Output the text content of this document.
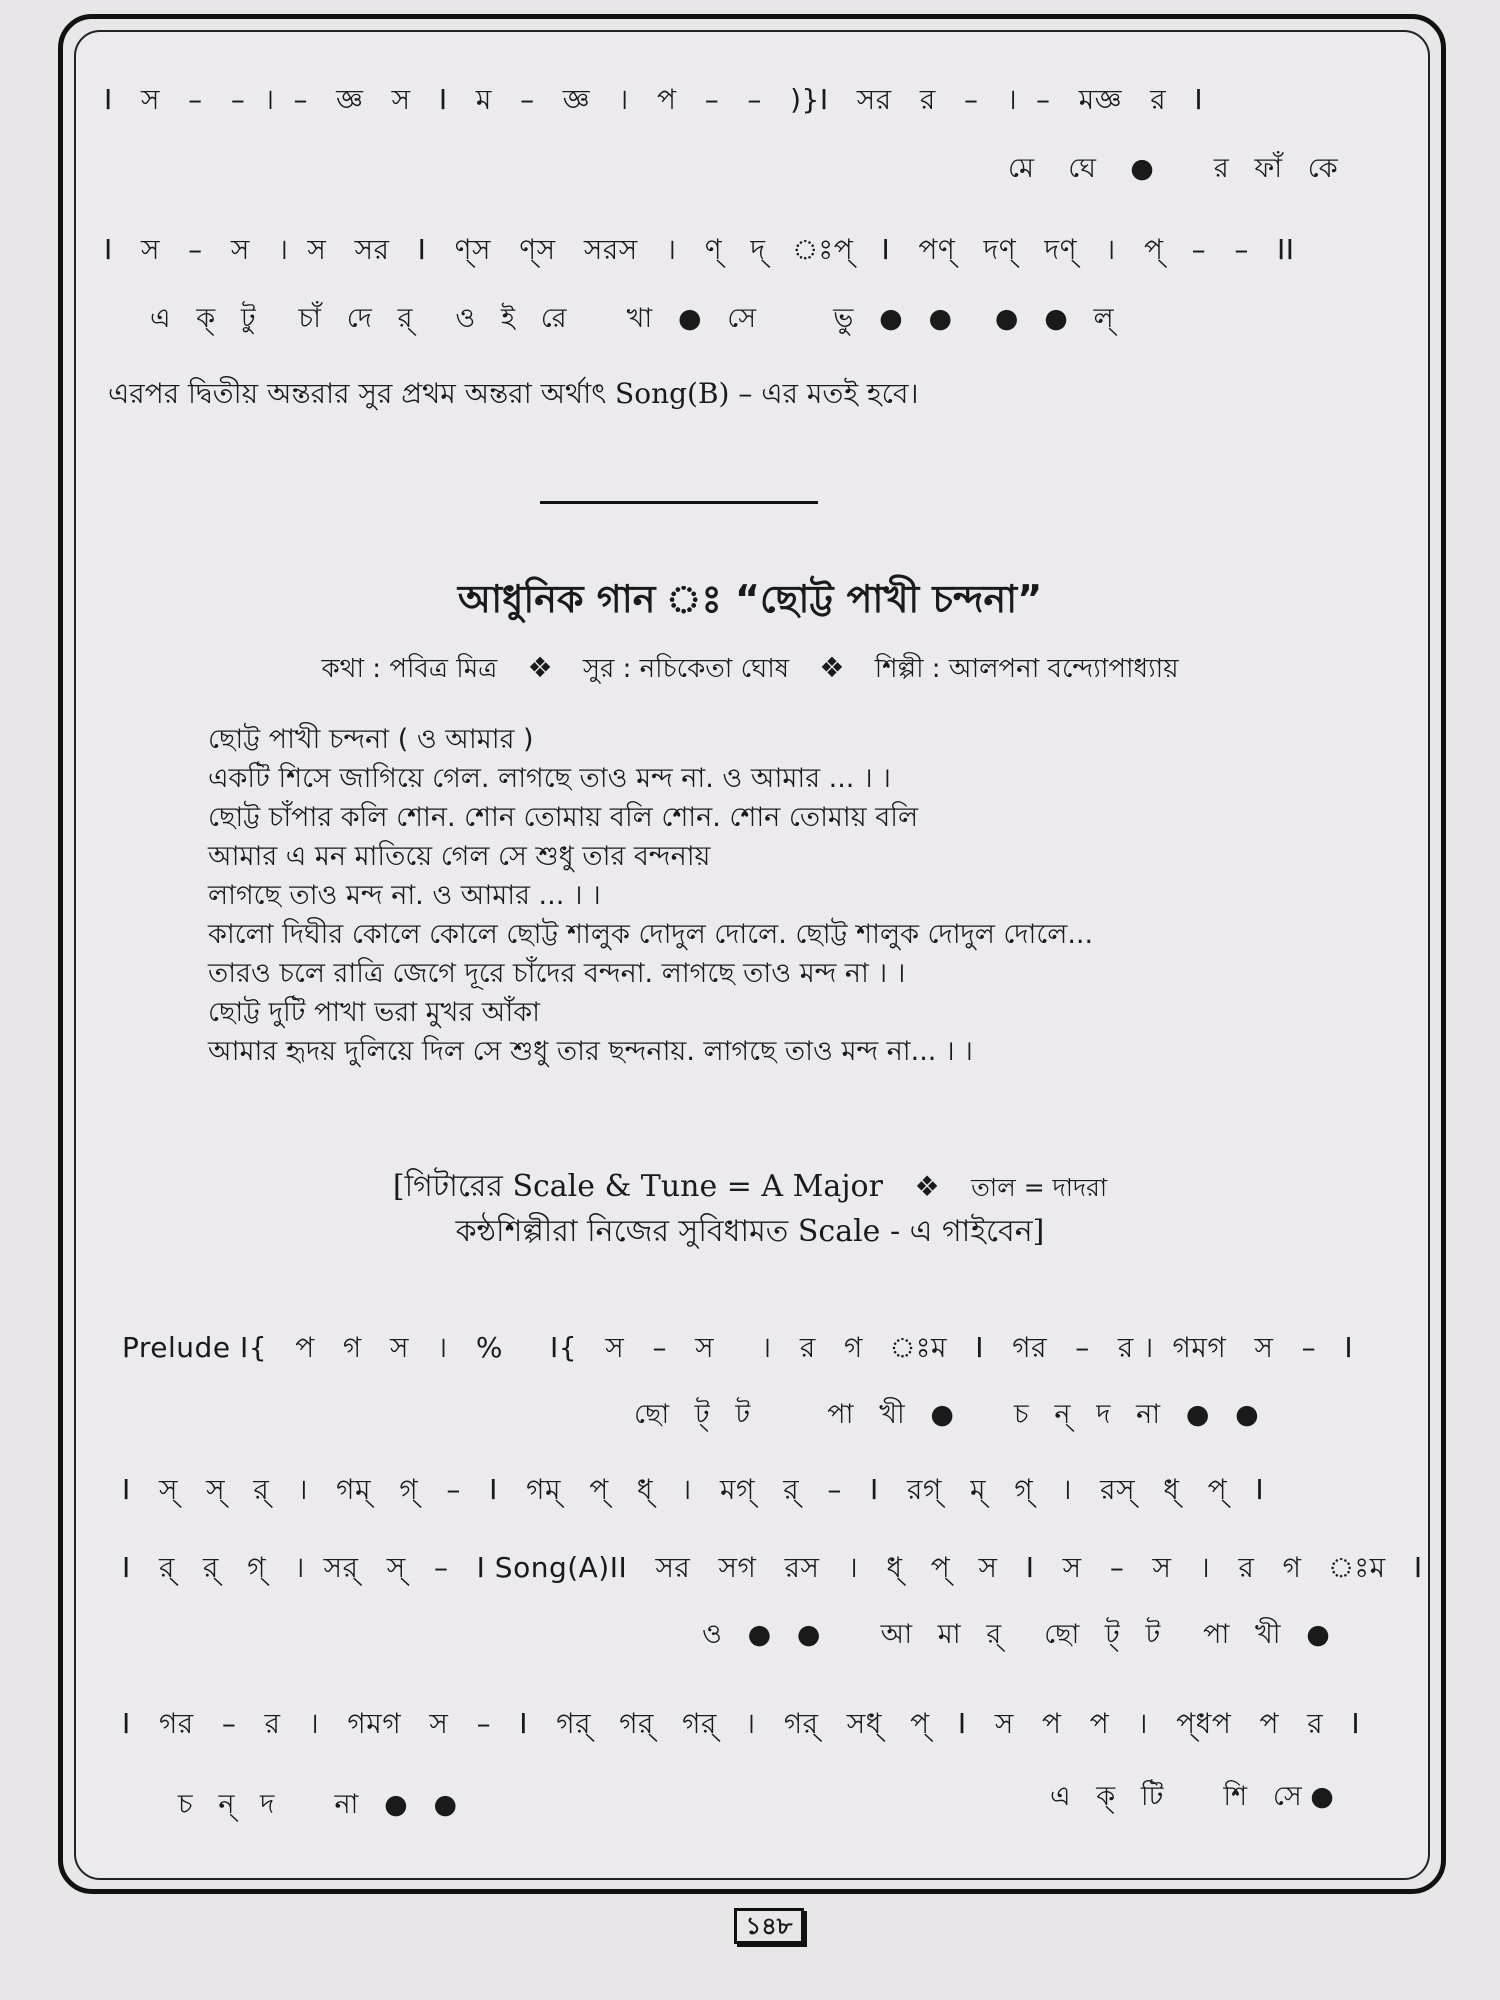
I   স   –   –  ।  –   জ্ঞ   স   I   ম   –   জ্ঞ   ।   প   –   –   )}I   সর   র   –   ।  –   মজ্ঞ   র   I
মে    ঘে    ●       র   ফাঁ   কে
I   স   –   স   ।  স   সর   I   ণ্স   ণ্স   সরস   ।   ণ্   দ্   ঃপ্   I   পণ্   দণ্   দণ্   ।   প্   –   –   II
এ   ক্   টু     চাঁ   দে   র্     ও   ই   রে       খা   ●   সে         ভু   ●   ●     ●   ●   ল্
এরপর দ্বিতীয় অন্তরার সুর প্রথম অন্তরা অর্থাৎ Song(B) – এর মতই হবে।
আধুনিক গান ঃ “ছোট্ট পাখী চন্দনা”
কথা : পবিত্র মিত্র ❖ সুর : নচিকেতা ঘোষ ❖ শিল্পী : আলপনা বন্দ্যোপাধ্যায়
ছোট্ট পাখী চন্দনা ( ও আমার )
একটি শিসে জাগিয়ে গেল. লাগছে তাও মন্দ না. ও আমার ... । ।
ছোট্ট চাঁপার কলি শোন. শোন তোমায় বলি শোন. শোন তোমায় বলি
আমার এ মন মাতিয়ে গেল সে শুধু তার বন্দনায়
লাগছে তাও মন্দ না. ও আমার ... । ।
কালো দিঘীর কোলে কোলে ছোট্ট শালুক দোদুল দোলে. ছোট্ট শালুক দোদুল দোলে...
তারও চলে রাত্রি জেগে দূরে চাঁদের বন্দনা. লাগছে তাও মন্দ না । ।
ছোট্ট দুটি পাখা ভরা মুখর আঁকা
আমার হৃদয় দুলিয়ে দিল সে শুধু তার ছন্দনায়. লাগছে তাও মন্দ না... । ।
[গিটারের Scale & Tune = A Major ❖ তাল = দাদরা
কন্ঠশিল্পীরা নিজের সুবিধামত Scale - এ গাইবেন]
Prelude I{   প   গ   স   ।   %     I{   স   –   স     ।   র   গ   ঃম   I   গর   –   র ।  গমগ   স   –   I
ছো   ট্   ট         পা   খী   ●       চ   ন্   দ   না   ●   ●
I   স্   স্   র্   ।   গম্   গ্   –   I   গম্   প্   ধ্   ।   মগ্   র্   –   I   রগ্   ম্   গ্   ।   রস্   ধ্   প্   I
I   র্   র্   গ্   ।  সর্   স্   –   I Song(A)II   সর   সগ   রস   ।   ধ্   প্   স   I   স   –   স   ।   র   গ   ঃম   I
ও   ●   ●       আ   মা   র্     ছো   ট্   ট     পা   খী   ●
I   গর   –   র   ।   গমগ   স   –   I   গর্   গর্   গর্   ।   গর্   সধ্   প্   I   স   প   প   ।   প্ধপ   প   র   I
চ   ন্   দ       না   ●   ●	এ   ক্   টি       শি   সে ●
১৪৮
